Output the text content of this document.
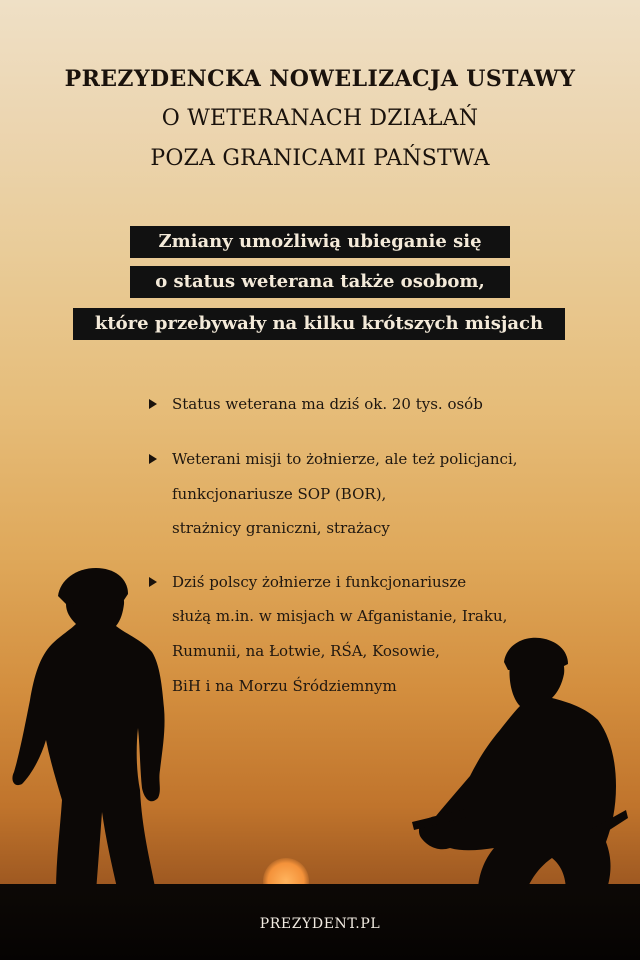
PREZYDENCKA NOWELIZACJA USTAWY
O WETERANACH DZIAŁAŃ
POZA GRANICAMI PAŃSTWA
Zmiany umożliwią ubieganie się
o status weterana także osobom,
które przebywały na kilku krótszych misjach
Status weterana ma dziś ok. 20 tys. osób
Weterani misji to żołnierze, ale też policjanci,
funkcjonariusze SOP (BOR),
strażnicy graniczni, strażacy
Dziś polscy żołnierze i funkcjonariusze
służą m.in. w misjach w Afganistanie, Iraku,
Rumunii, na Łotwie, RŚA, Kosowie,
BiH i na Morzu Śródziemnym
PREZYDENT.PL
